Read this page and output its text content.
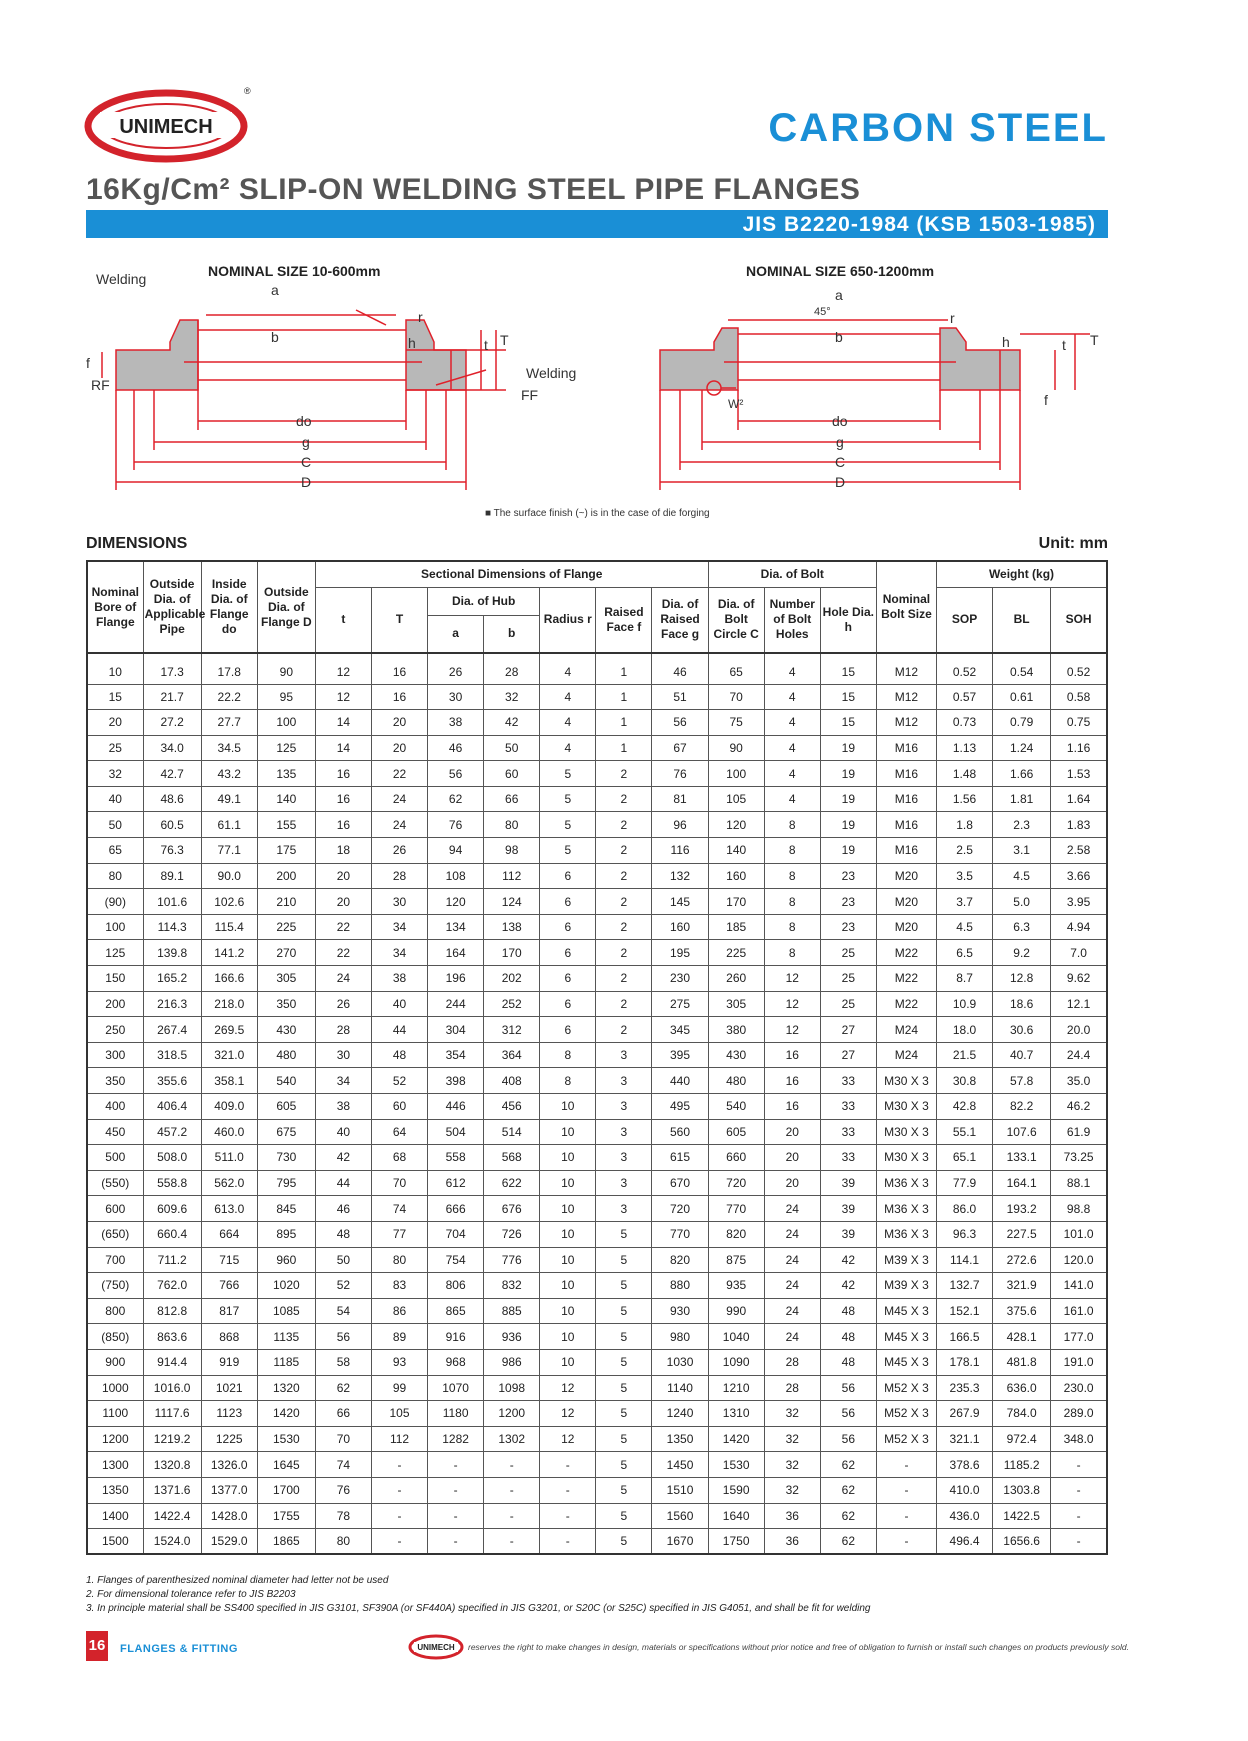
UNIMECH
®
CARBON STEEL
16Kg/Cm² SLIP-ON WELDING STEEL PIPE FLANGES
JIS B2220-1984 (KSB 1503-1985)
NOMINAL SIZE 10-600mm	NOMINAL SIZE 650-1200mm
Welding
a
b
r
h	t T
f
RF
Welding
FF
do
g
C
D
a
45°
b
r
h	t T
f
W²
do
g
C
D
■ The surface finish (~) is in the case of die forging
DIMENSIONS	Unit: mm
Nominal Bore of Flange	Outside Dia. of Applicable Pipe	Inside Dia. of Flange do	Outside Dia. of Flange D	Sectional Dimensions of Flange							Dia. of Bolt			Nominal Bolt Size	Weight (kg)		
				t	T	Dia. of Hub		Radius r	Raised Face f	Dia. of Raised Face g	Dia. of Bolt Circle C	Number of Bolt Holes	Hole Dia. h		SOP	BL	SOH
						a	b										
10	17.3	17.8	90	12	16	26	28	4	1	46	65	4	15	M12	0.52	0.54	0.52
15	21.7	22.2	95	12	16	30	32	4	1	51	70	4	15	M12	0.57	0.61	0.58
20	27.2	27.7	100	14	20	38	42	4	1	56	75	4	15	M12	0.73	0.79	0.75
25	34.0	34.5	125	14	20	46	50	4	1	67	90	4	19	M16	1.13	1.24	1.16
32	42.7	43.2	135	16	22	56	60	5	2	76	100	4	19	M16	1.48	1.66	1.53
40	48.6	49.1	140	16	24	62	66	5	2	81	105	4	19	M16	1.56	1.81	1.64
50	60.5	61.1	155	16	24	76	80	5	2	96	120	8	19	M16	1.8	2.3	1.83
65	76.3	77.1	175	18	26	94	98	5	2	116	140	8	19	M16	2.5	3.1	2.58
80	89.1	90.0	200	20	28	108	112	6	2	132	160	8	23	M20	3.5	4.5	3.66
(90)	101.6	102.6	210	20	30	120	124	6	2	145	170	8	23	M20	3.7	5.0	3.95
100	114.3	115.4	225	22	34	134	138	6	2	160	185	8	23	M20	4.5	6.3	4.94
125	139.8	141.2	270	22	34	164	170	6	2	195	225	8	25	M22	6.5	9.2	7.0
150	165.2	166.6	305	24	38	196	202	6	2	230	260	12	25	M22	8.7	12.8	9.62
200	216.3	218.0	350	26	40	244	252	6	2	275	305	12	25	M22	10.9	18.6	12.1
250	267.4	269.5	430	28	44	304	312	6	2	345	380	12	27	M24	18.0	30.6	20.0
300	318.5	321.0	480	30	48	354	364	8	3	395	430	16	27	M24	21.5	40.7	24.4
350	355.6	358.1	540	34	52	398	408	8	3	440	480	16	33	M30 X 3	30.8	57.8	35.0
400	406.4	409.0	605	38	60	446	456	10	3	495	540	16	33	M30 X 3	42.8	82.2	46.2
450	457.2	460.0	675	40	64	504	514	10	3	560	605	20	33	M30 X 3	55.1	107.6	61.9
500	508.0	511.0	730	42	68	558	568	10	3	615	660	20	33	M30 X 3	65.1	133.1	73.25
(550)	558.8	562.0	795	44	70	612	622	10	3	670	720	20	39	M36 X 3	77.9	164.1	88.1
600	609.6	613.0	845	46	74	666	676	10	3	720	770	24	39	M36 X 3	86.0	193.2	98.8
(650)	660.4	664	895	48	77	704	726	10	5	770	820	24	39	M36 X 3	96.3	227.5	101.0
700	711.2	715	960	50	80	754	776	10	5	820	875	24	42	M39 X 3	114.1	272.6	120.0
(750)	762.0	766	1020	52	83	806	832	10	5	880	935	24	42	M39 X 3	132.7	321.9	141.0
800	812.8	817	1085	54	86	865	885	10	5	930	990	24	48	M45 X 3	152.1	375.6	161.0
(850)	863.6	868	1135	56	89	916	936	10	5	980	1040	24	48	M45 X 3	166.5	428.1	177.0
900	914.4	919	1185	58	93	968	986	10	5	1030	1090	28	48	M45 X 3	178.1	481.8	191.0
1000	1016.0	1021	1320	62	99	1070	1098	12	5	1140	1210	28	56	M52 X 3	235.3	636.0	230.0
1100	1117.6	1123	1420	66	105	1180	1200	12	5	1240	1310	32	56	M52 X 3	267.9	784.0	289.0
1200	1219.2	1225	1530	70	112	1282	1302	12	5	1350	1420	32	56	M52 X 3	321.1	972.4	348.0
1300	1320.8	1326.0	1645	74	-	-	-	-	5	1450	1530	32	62	-	378.6	1185.2	-
1350	1371.6	1377.0	1700	76	-	-	-	-	5	1510	1590	32	62	-	410.0	1303.8	-
1400	1422.4	1428.0	1755	78	-	-	-	-	5	1560	1640	36	62	-	436.0	1422.5	-
1500	1524.0	1529.0	1865	80	-	-	-	-	5	1670	1750	36	62	-	496.4	1656.6	-
1. Flanges of parenthesized nominal diameter had letter not be used
2. For dimensional tolerance refer to JIS B2203
3. In principle material shall be SS400 specified in JIS G3101, SF390A (or SF440A) specified in JIS G3201, or S20C (or S25C) specified in JIS G4051, and shall be fit for welding
16 FLANGES & FITTING	UNIMECH reserves the right to make changes in design, materials or specifications without prior notice and free of obligation to furnish or install such changes on products previously sold.
